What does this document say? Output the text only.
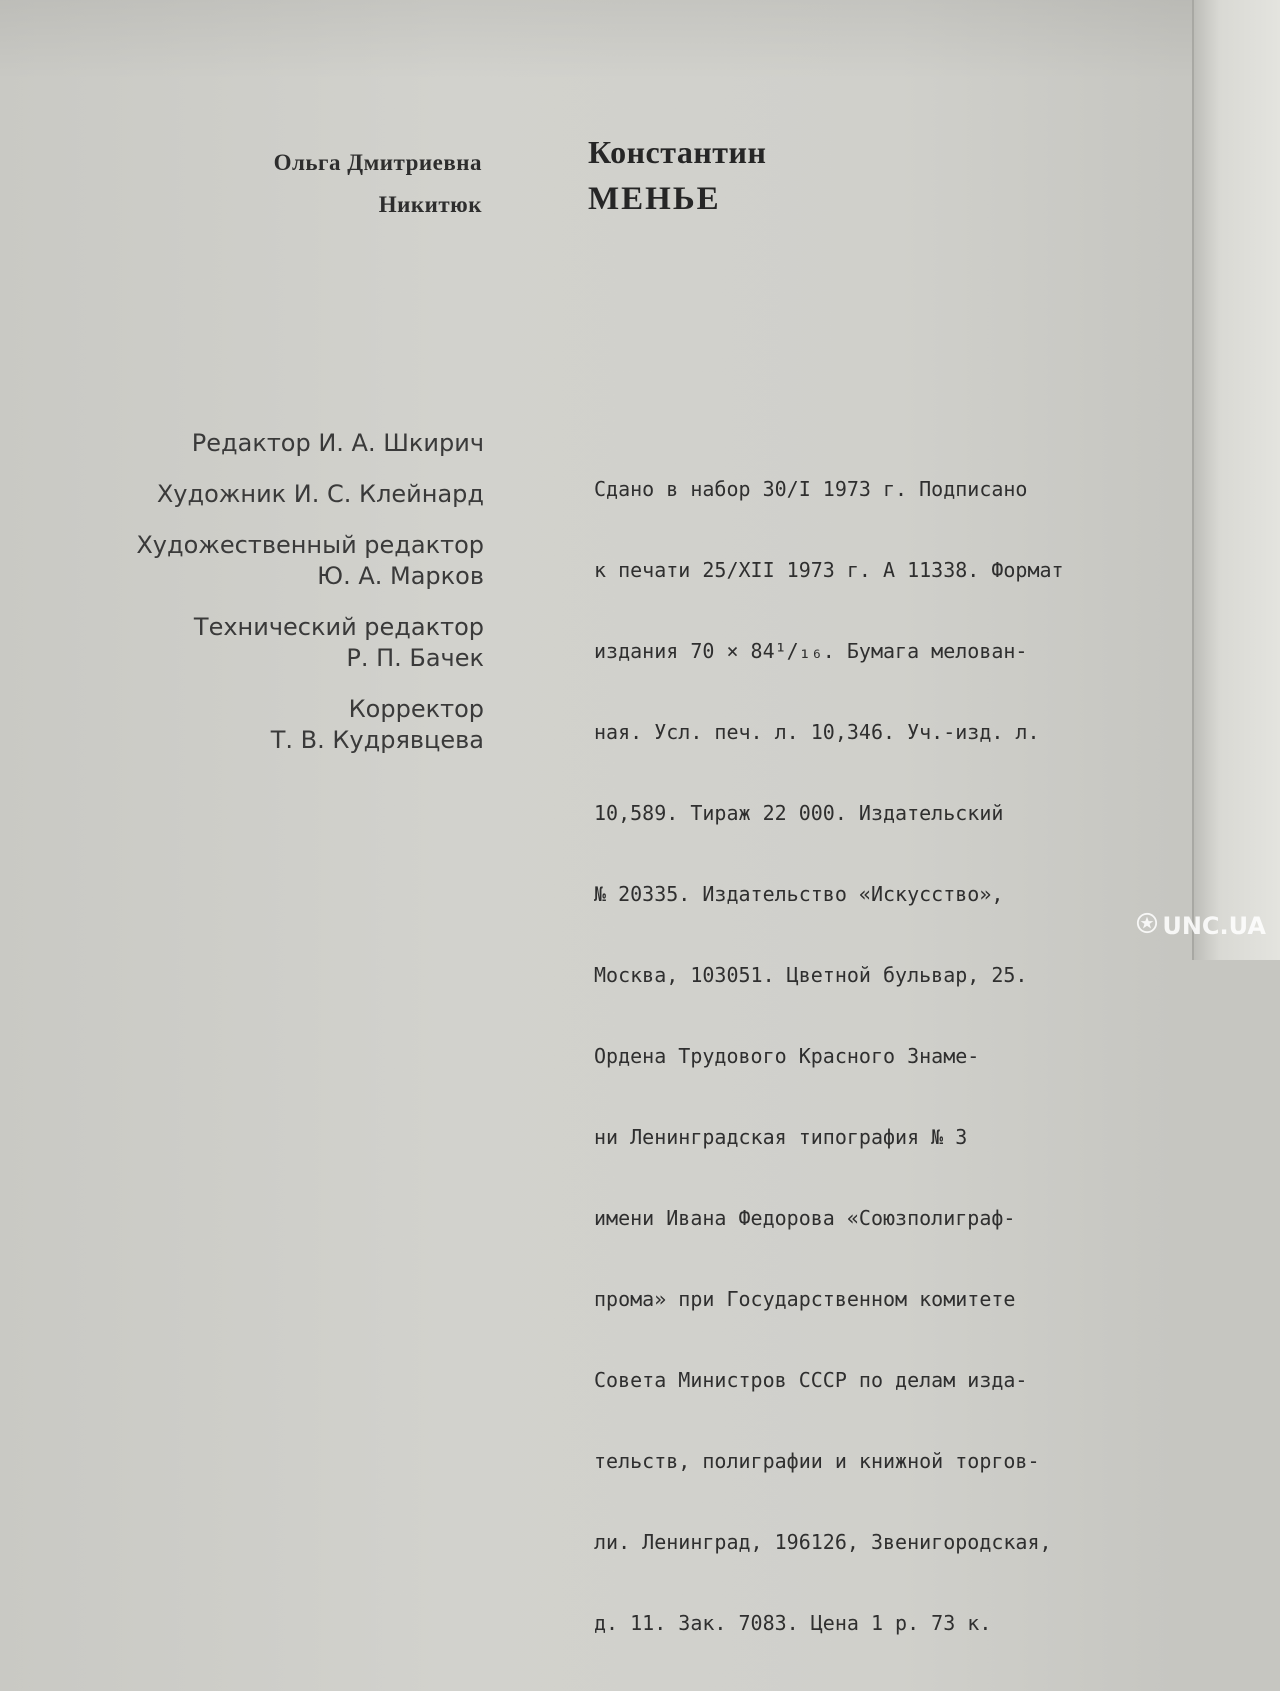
Ольга Дмитриевна
Никитюк
Константин
МЕНЬЕ
Редактор И. А. Шкирич
Художник И. С. Клейнард
Художественный редактор
Ю. А. Марков
Технический редактор
Р. П. Бачек
Корректор
Т. В. Кудрявцева

Сдано в набор 30/I 1973 г. Подписано

к печати 25/XII 1973 г. А 11338. Формат

издания 70 × 84¹/₁₆. Бумага мелован-

ная. Усл. печ. л. 10,346. Уч.-изд. л.

10,589. Тираж 22 000. Издательский

№ 20335. Издательство «Искусство»,

Москва, 103051. Цветной бульвар, 25.

Ордена Трудового Красного Знаме-

ни Ленинградская типография № 3

имени Ивана Федорова «Союзполиграф-

прома» при Государственном комитете

Совета Министров СССР по делам изда-

тельств, полиграфии и книжной торгов-

ли. Ленинград, 196126, Звенигородская,

д. 11. Зак. 7083. Цена 1 р. 73 к.

UNC.UA
